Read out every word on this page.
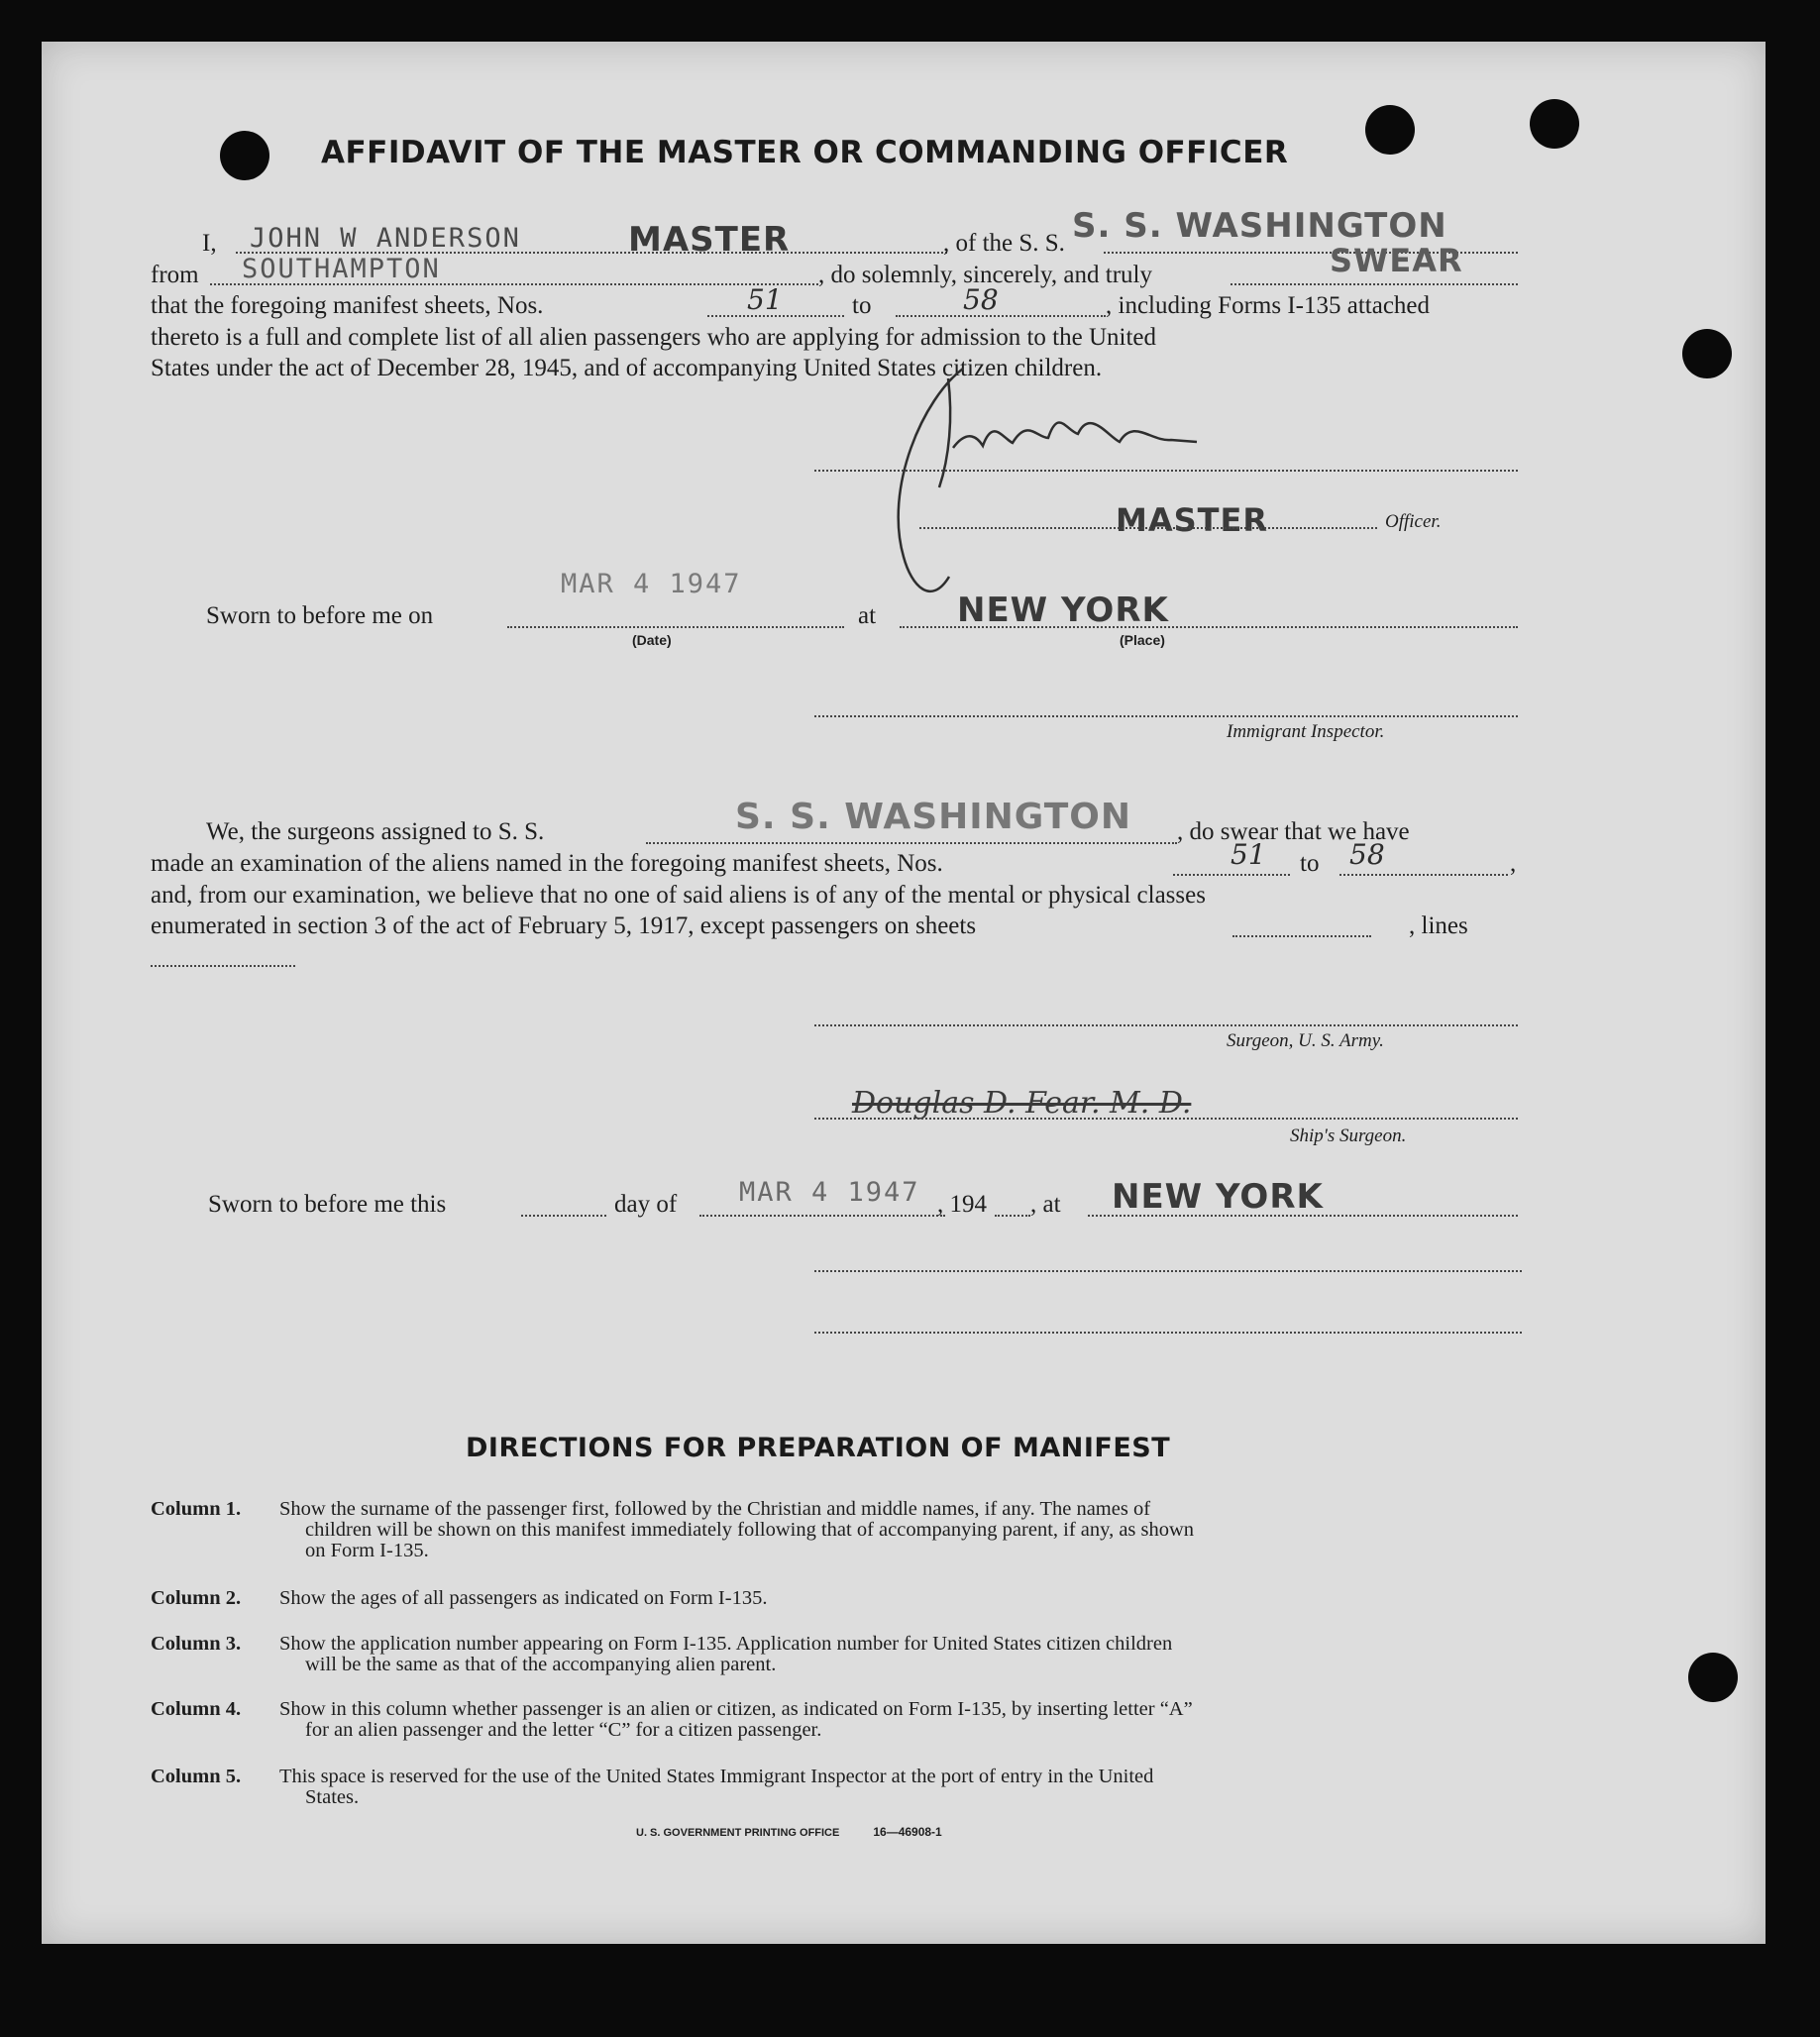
AFFIDAVIT OF THE MASTER OR COMMANDING OFFICER
I, JOHN W ANDERSON	MASTER	, of the S. S. S. S. WASHINGTON
from SOUTHAMPTON	, do solemnly, sincerely, and truly	SWEAR
that the foregoing manifest sheets, Nos.	51	to	58	, including Forms I-135 attached
thereto is a full and complete list of all alien passengers who are applying for admission to the United
States under the act of December 28, 1945, and of accompanying United States citizen children.
MASTER	Officer.
Sworn to before me on
MAR 4 1947
(Date)
at NEW YORK
(Place)
Immigrant Inspector.
We, the surgeons assigned to S. S.	S. S. WASHINGTON , do swear that we have
made an examination of the aliens named in the foregoing manifest sheets, Nos.	51 to 58	,
and, from our examination, we believe that no one of said aliens is of any of the mental or physical classes
enumerated in section 3 of the act of February 5, 1917, except passengers on sheets	, lines
Surgeon, U. S. Army.
Douglas D. Fear. M. D.
Ship's Surgeon.
Sworn to before me this	day of MAR 4 1947 , 194 , at NEW YORK
DIRECTIONS FOR PREPARATION OF MANIFEST
Column 1. Show the surname of the passenger first, followed by the Christian and middle names, if any. The names of
children will be shown on this manifest immediately following that of accompanying parent, if any, as shown
on Form I-135.
Column 2. Show the ages of all passengers as indicated on Form I-135.
Column 3. Show the application number appearing on Form I-135. Application number for United States citizen children
will be the same as that of the accompanying alien parent.
Column 4. Show in this column whether passenger is an alien or citizen, as indicated on Form I-135, by inserting letter “A”
for an alien passenger and the letter “C” for a citizen passenger.
Column 5. This space is reserved for the use of the United States Immigrant Inspector at the port of entry in the United
States.
U. S. GOVERNMENT PRINTING OFFICE	16—46908-1
